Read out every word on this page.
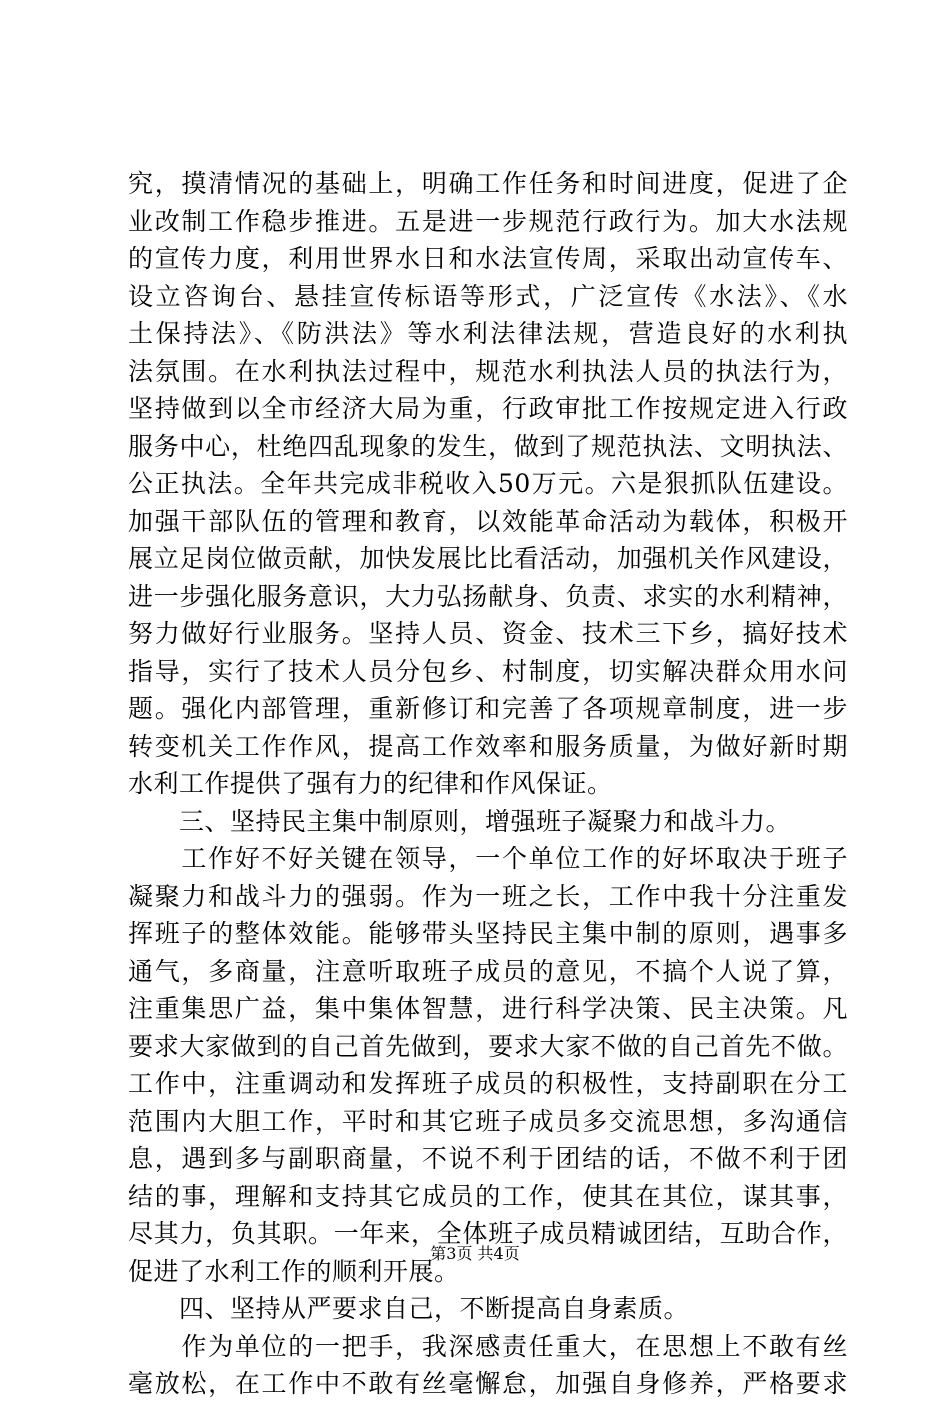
究，摸清情况的基础上，明确工作任务和时间进度，促进了企
业改制工作稳步推进。五是进一步规范行政行为。加大水法规
的宣传力度，利用世界水日和水法宣传周，采取出动宣传车、
设立咨询台、悬挂宣传标语等形式，广泛宣传《水法》、《水
土保持法》、《防洪法》等水利法律法规，营造良好的水利执
法氛围。在水利执法过程中，规范水利执法人员的执法行为，
坚持做到以全市经济大局为重，行政审批工作按规定进入行政
服务中心，杜绝四乱现象的发生，做到了规范执法、文明执法、
公正执法。全年共完成非税收入50万元。六是狠抓队伍建设。
加强干部队伍的管理和教育，以效能革命活动为载体，积极开
展立足岗位做贡献，加快发展比比看活动，加强机关作风建设，
进一步强化服务意识，大力弘扬献身、负责、求实的水利精神，
努力做好行业服务。坚持人员、资金、技术三下乡，搞好技术
指导，实行了技术人员分包乡、村制度，切实解决群众用水问
题。强化内部管理，重新修订和完善了各项规章制度，进一步
转变机关工作作风，提高工作效率和服务质量，为做好新时期
水利工作提供了强有力的纪律和作风保证。
　　三、坚持民主集中制原则，增强班子凝聚力和战斗力。
　　工作好不好关键在领导，一个单位工作的好坏取决于班子
凝聚力和战斗力的强弱。作为一班之长，工作中我十分注重发
挥班子的整体效能。能够带头坚持民主集中制的原则，遇事多
通气，多商量，注意听取班子成员的意见，不搞个人说了算，
注重集思广益，集中集体智慧，进行科学决策、民主决策。凡
要求大家做到的自己首先做到，要求大家不做的自己首先不做。
工作中，注重调动和发挥班子成员的积极性，支持副职在分工
范围内大胆工作，平时和其它班子成员多交流思想，多沟通信
息，遇到多与副职商量，不说不利于团结的话，不做不利于团
结的事，理解和支持其它成员的工作，使其在其位，谋其事，
尽其力，负其职。一年来，全体班子成员精诚团结，互助合作，
促进了水利工作的顺利开展。
　　四、坚持从严要求自己，不断提高自身素质。
　　作为单位的一把手，我深感责任重大，在思想上不敢有丝
毫放松，在工作中不敢有丝毫懈怠，加强自身修养，严格要求
第3页 共4页
